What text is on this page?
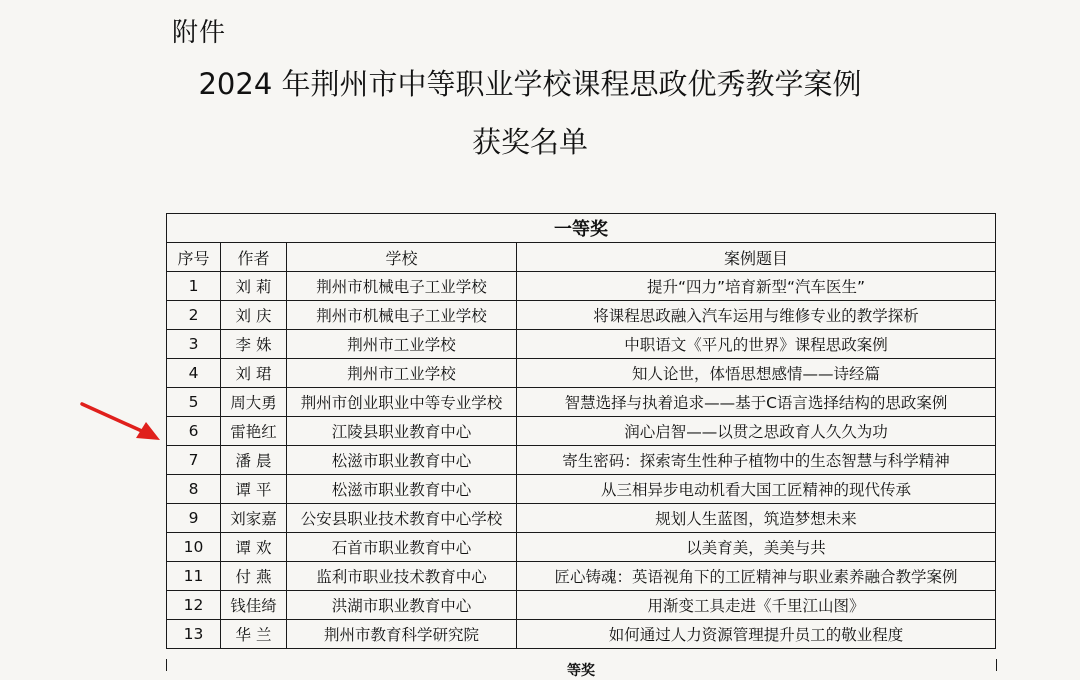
附件
2024 年荆州市中等职业学校课程思政优秀教学案例
获奖名单
一等奖			
序号	作者	学校	案例题目
1	刘 莉	荆州市机械电子工业学校	提升“四力”培育新型“汽车医生”
2	刘 庆	荆州市机械电子工业学校	将课程思政融入汽车运用与维修专业的教学探析
3	李 姝	荆州市工业学校	中职语文《平凡的世界》课程思政案例
4	刘 珺	荆州市工业学校	知人论世，体悟思想感情——诗经篇
5	周大勇	荆州市创业职业中等专业学校	智慧选择与执着追求——基于C语言选择结构的思政案例
6	雷艳红	江陵县职业教育中心	润心启智——以贯之思政育人久久为功
7	潘 晨	松滋市职业教育中心	寄生密码：探索寄生性种子植物中的生态智慧与科学精神
8	谭 平	松滋市职业教育中心	从三相异步电动机看大国工匠精神的现代传承
9	刘家嘉	公安县职业技术教育中心学校	规划人生蓝图，筑造梦想未来
10	谭 欢	石首市职业教育中心	以美育美，美美与共
11	付 燕	监利市职业技术教育中心	匠心铸魂：英语视角下的工匠精神与职业素养融合教学案例
12	钱佳绮	洪湖市职业教育中心	用渐变工具走进《千里江山图》
13	华 兰	荆州市教育科学研究院	如何通过人力资源管理提升员工的敬业程度
等奖
